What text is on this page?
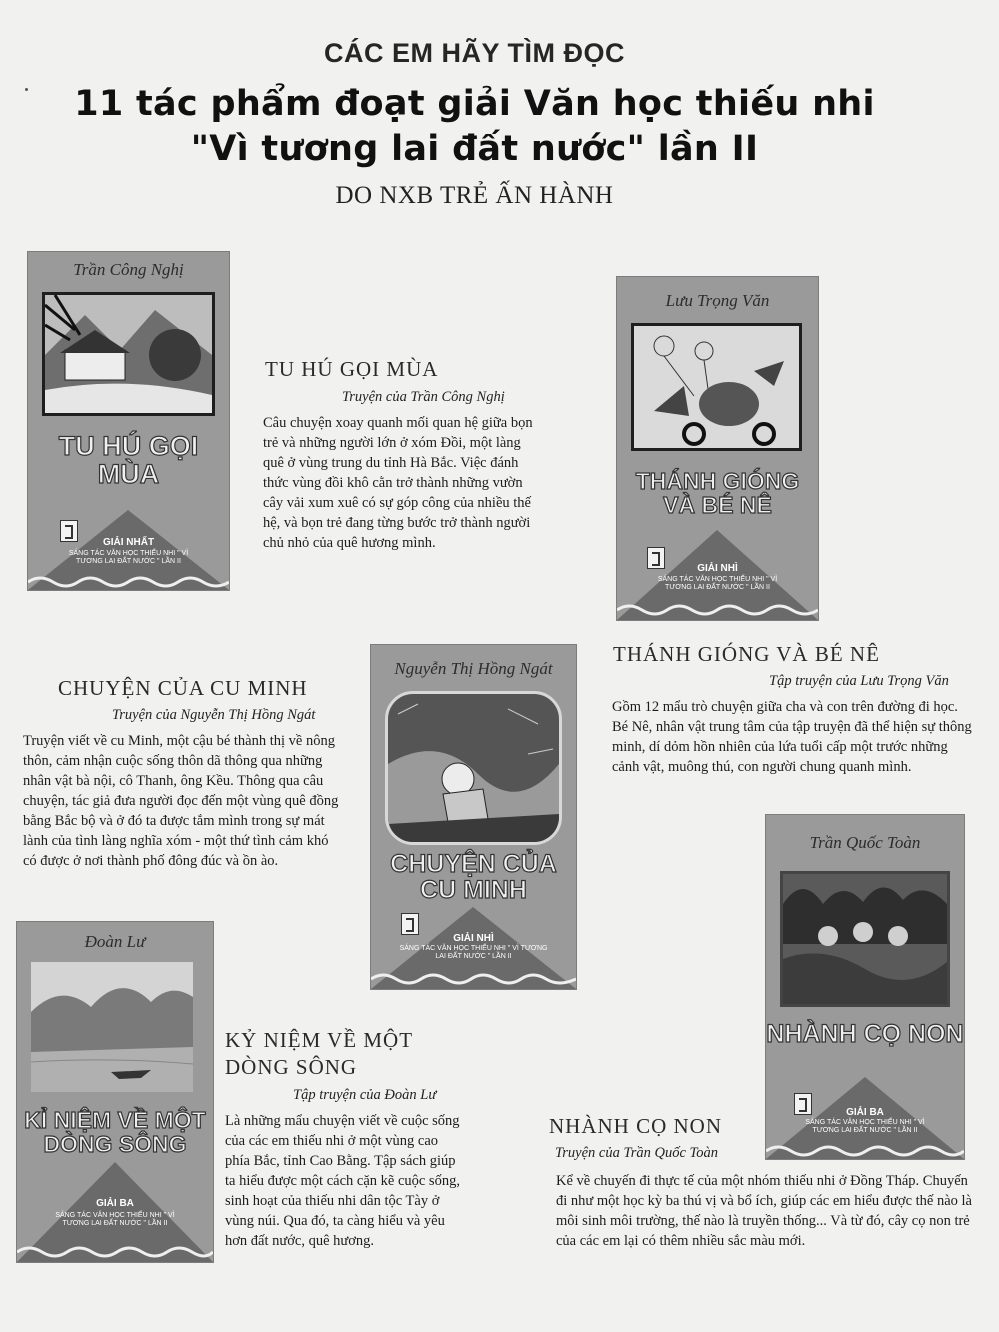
CÁC EM HÃY TÌM ĐỌC
11 tác phẩm đoạt giải Văn học thiếu nhi
"Vì tương lai đất nước" lần II
DO NXB TRẺ ẤN HÀNH
Trần Công Nghị
TU HÚ GỌI MÙA
GIẢI NHẤT
SÁNG TÁC VĂN HỌC THIẾU NHI " VÌ TƯƠNG LAI ĐẤT NƯỚC " LẦN II
TU HÚ GỌI MÙA
Truyện của Trần Công Nghị
Câu chuyện xoay quanh mối quan hệ giữa bọn trẻ và những người lớn ở xóm Đồi, một làng quê ở vùng trung du tỉnh Hà Bắc. Việc đánh thức vùng đồi khô cằn trở thành những vườn cây vải xum xuê có sự góp công của nhiều thế hệ, và bọn trẻ đang từng bước trở thành người chủ nhỏ của quê hương mình.
Lưu Trọng Văn
THÁNH GIÓNG VÀ BÉ NÊ
GIẢI NHÌ
SÁNG TÁC VĂN HỌC THIẾU NHI " VÌ TƯƠNG LAI ĐẤT NƯỚC " LẦN II
THÁNH GIÓNG VÀ BÉ NÊ
Tập truyện của Lưu Trọng Văn
Gồm 12 mẩu trò chuyện giữa cha và con trên đường đi học. Bé Nê, nhân vật trung tâm của tập truyện đã thể hiện sự thông minh, dí dỏm hồn nhiên của lứa tuổi cấp một trước những cảnh vật, muông thú, con người chung quanh mình.
Nguyễn Thị Hồng Ngát
CHUYỆN CỦA CU MINH
GIẢI NHÌ
SÁNG TÁC VĂN HỌC THIẾU NHI " VÌ TƯƠNG LAI ĐẤT NƯỚC " LẦN II
CHUYỆN CỦA CU MINH
Truyện của Nguyễn Thị Hồng Ngát
Truyện viết về cu Minh, một cậu bé thành thị về nông thôn, cảm nhận cuộc sống thôn dã thông qua những nhân vật bà nội, cô Thanh, ông Kều. Thông qua câu chuyện, tác giả đưa người đọc đến một vùng quê đồng bằng Bắc bộ và ở đó ta được tắm mình trong sự mát lành của tình làng nghĩa xóm - một thứ tình cảm khó có được ở nơi thành phố đông đúc và ồn ào.
Đoàn Lư
KỈ NIỆM VỀ MỘT DÒNG SÔNG
GIẢI BA
SÁNG TÁC VĂN HỌC THIẾU NHI " VÌ TƯƠNG LAI ĐẤT NƯỚC " LẦN II
KỶ NIỆM VỀ MỘT DÒNG SÔNG
Tập truyện của Đoàn Lư
Là những mẩu chuyện viết về cuộc sống của các em thiếu nhi ở một vùng cao phía Bắc, tỉnh Cao Bằng. Tập sách giúp ta hiểu được một cách cặn kẽ cuộc sống, sinh hoạt của thiếu nhi dân tộc Tày ở vùng núi. Qua đó, ta càng hiểu và yêu hơn đất nước, quê hương.
Trần Quốc Toàn
NHÀNH CỌ NON
GIẢI BA
SÁNG TÁC VĂN HỌC THIẾU NHI " VÌ TƯƠNG LAI ĐẤT NƯỚC " LẦN II
NHÀNH CỌ NON
Truyện của Trần Quốc Toàn
Kể về chuyến đi thực tế của một nhóm thiếu nhi ở Đồng Tháp. Chuyến đi như một học kỳ ba thú vị và bổ ích, giúp các em hiểu được thế nào là môi sinh môi trường, thế nào là truyền thống... Và từ đó, cây cọ non trẻ của các em lại có thêm nhiều sắc màu mới.
